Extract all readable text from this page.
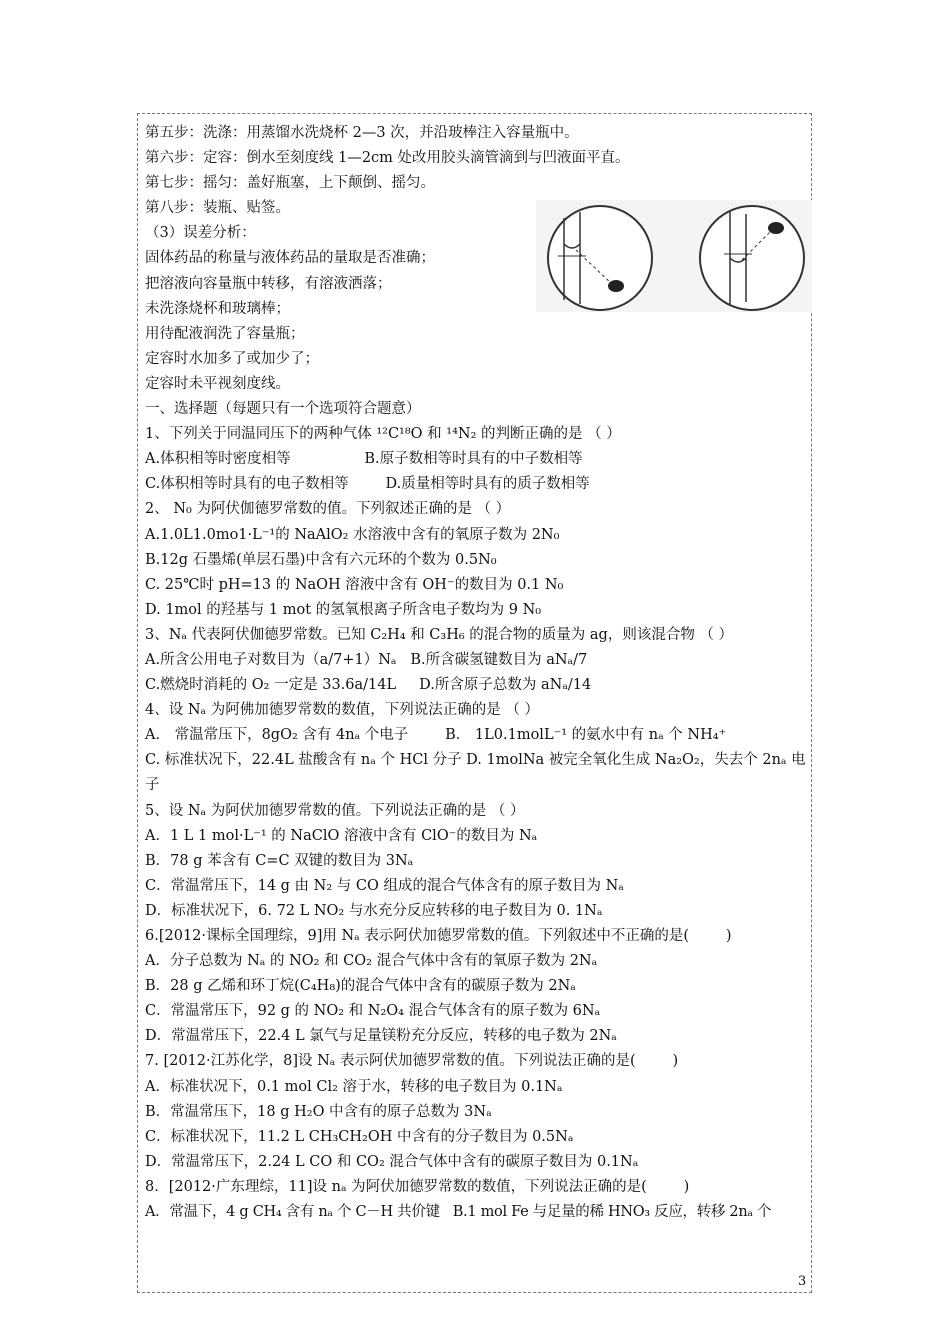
第五步：洗涤：用蒸馏水洗烧杯 2—3 次，并沿玻棒注入容量瓶中。
第六步：定容：倒水至刻度线 1—2cm 处改用胶头滴管滴到与凹液面平直。
第七步：摇匀：盖好瓶塞，上下颠倒、摇匀。
第八步：装瓶、贴签。
（3）误差分析：
固体药品的称量与液体药品的量取是否准确；
把溶液向容量瓶中转移，有溶液洒落；
未洗涤烧杯和玻璃棒；
用待配液润洗了容量瓶；
定容时水加多了或加少了；
定容时未平视刻度线。
一、选择题（每题只有一个选项符合题意）
1、下列关于同温同压下的两种气体 ¹²C¹⁸O 和 ¹⁴N₂ 的判断正确的是 （ ）
A.体积相等时密度相等                B.原子数相等时具有的中子数相等
C.体积相等时具有的电子数相等        D.质量相等时具有的质子数相等
2、 N₀ 为阿伏伽德罗常数的值。下列叙述正确的是 （ ）
A.1.0L1.0mo1·L⁻¹的 NaAlO₂ 水溶液中含有的氧原子数为 2N₀
B.12g 石墨烯(单层石墨)中含有六元环的个数为 0.5N₀
C. 25℃时 pH=13 的 NaOH 溶液中含有 OH⁻的数目为 0.1 N₀
D. 1mol 的羟基与 1 mot 的氢氧根离子所含电子数均为 9 N₀
3、Nₐ 代表阿伏伽德罗常数。已知 C₂H₄ 和 C₃H₆ 的混合物的质量为 ag，则该混合物 （ ）
A.所含公用电子对数目为（a/7+1）Nₐ   B.所含碳氢键数目为 aNₐ/7
C.燃烧时消耗的 O₂ 一定是 33.6a/14L     D.所含原子总数为 aNₐ/14
4、设 Nₐ 为阿佛加德罗常数的数值，下列说法正确的是 （ ）
A． 常温常压下，8gO₂ 含有 4nₐ 个电子        B． 1L0.1molL⁻¹ 的氨水中有 nₐ 个 NH₄⁺
C. 标准状况下，22.4L 盐酸含有 nₐ 个 HCl 分子 D. 1molNa 被完全氧化生成 Na₂O₂，失去个 2nₐ 电子
5、设 Nₐ 为阿伏加德罗常数的值。下列说法正确的是 （ ）
A．1 L 1 mol·L⁻¹ 的 NaClO 溶液中含有 ClO⁻的数目为 Nₐ
B．78 g 苯含有 C=C 双键的数目为 3Nₐ
C．常温常压下，14 g 由 N₂ 与 CO 组成的混合气体含有的原子数目为 Nₐ
D．标准状况下，6. 72 L NO₂ 与水充分反应转移的电子数目为 0. 1Nₐ
6.[2012·课标全国理综，9]用 Nₐ 表示阿伏加德罗常数的值。下列叙述中不正确的是(        )
A．分子总数为 Nₐ 的 NO₂ 和 CO₂ 混合气体中含有的氧原子数为 2Nₐ
B．28 g 乙烯和环丁烷(C₄H₈)的混合气体中含有的碳原子数为 2Nₐ
C．常温常压下，92 g 的 NO₂ 和 N₂O₄ 混合气体含有的原子数为 6Nₐ
D．常温常压下，22.4 L 氯气与足量镁粉充分反应，转移的电子数为 2Nₐ
7. [2012·江苏化学，8]设 Nₐ 表示阿伏加德罗常数的值。下列说法正确的是(        )
A．标准状况下，0.1 mol Cl₂ 溶于水，转移的电子数目为 0.1Nₐ
B．常温常压下，18 g H₂O 中含有的原子总数为 3Nₐ
C．标准状况下，11.2 L CH₃CH₂OH 中含有的分子数目为 0.5Nₐ
D．常温常压下，2.24 L CO 和 CO₂ 混合气体中含有的碳原子数目为 0.1Nₐ
8．[2012·广东理综，11]设 nₐ 为阿伏加德罗常数的数值，下列说法正确的是(        )
A．常温下，4 g CH₄ 含有 nₐ 个 C－H 共价键   B.1 mol Fe 与足量的稀 HNO₃ 反应，转移 2nₐ 个
3
